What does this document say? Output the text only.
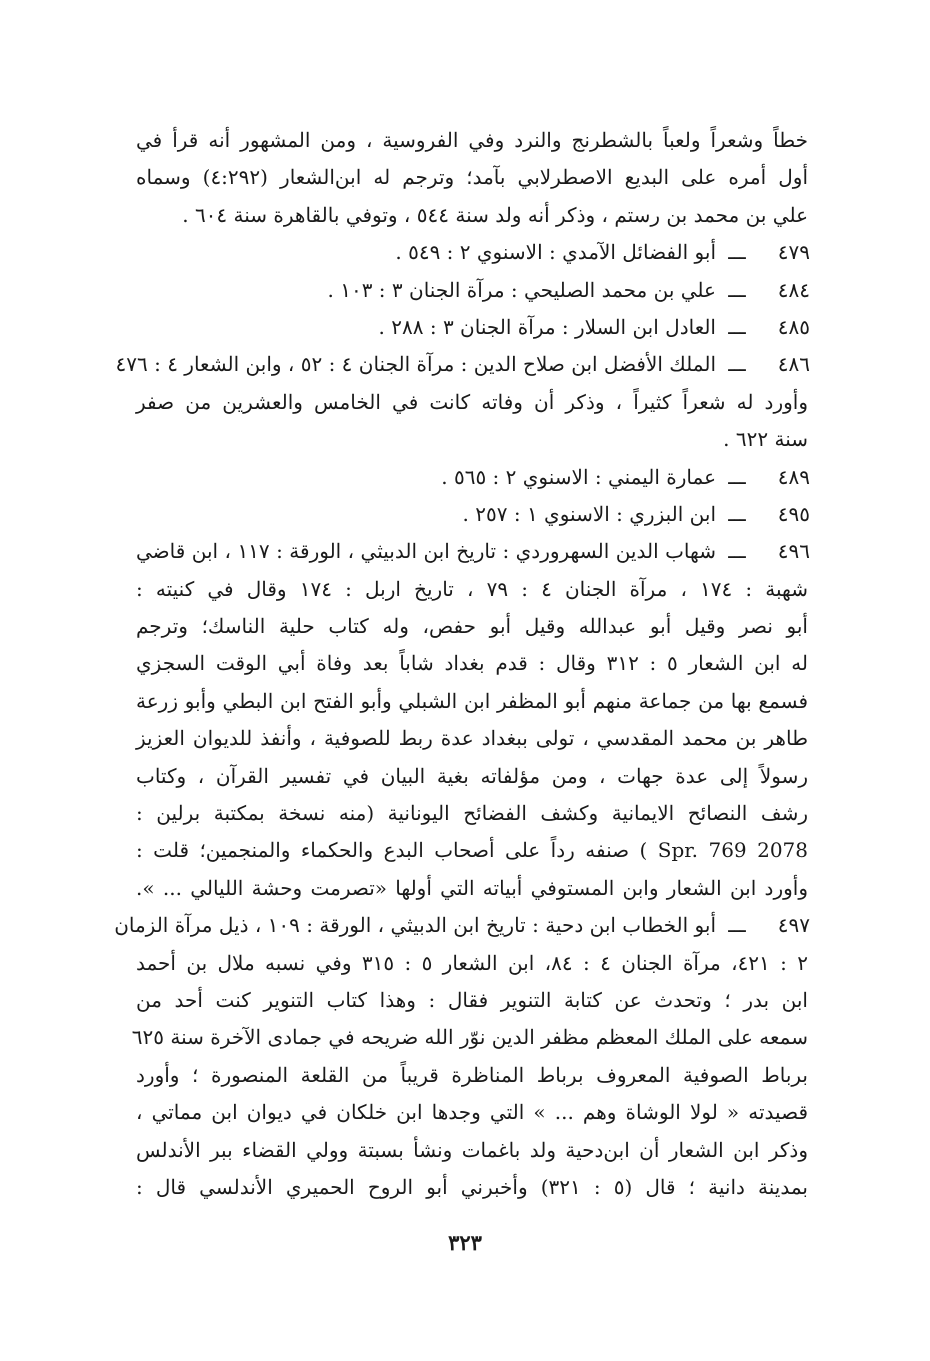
خطاً وشعراً ولعباً بالشطرنج والنرد وفي الفروسية ، ومن المشهور أنه قرأ في
أول أمره على البديع الاصطرلابي بآمد؛ وترجم له ابن‌الشعار (٤:٢٩٢) وسماه
علي بن محمد بن رستم ، وذكر أنه ولد سنة ٥٤٤ ، وتوفي بالقاهرة سنة ٦٠٤ .
٤٧٩
ـــ
أبو الفضائل الآمدي : الاسنوي ٢ : ٥٤٩ .
٤٨٤
ـــ
علي بن محمد الصليحي : مرآة الجنان ٣ : ١٠٣ .
٤٨٥
ـــ
العادل ابن السلار : مرآة الجنان ٣ : ٢٨٨ .
٤٨٦
ـــ
الملك الأفضل ابن صلاح الدين : مرآة الجنان ٤ : ٥٢ ، وابن الشعار ٤ : ٤٧٦
وأورد له شعراً كثيراً ، وذكر أن وفاته كانت في الخامس والعشرين من صفر
سنة ٦٢٢ .
٤٨٩
ـــ
عمارة اليمني : الاسنوي ٢ : ٥٦٥ .
٤٩٥
ـــ
ابن البزري : الاسنوي ١ : ٢٥٧ .
٤٩٦
ـــ
شهاب الدين السهروردي : تاريخ ابن الدبيثي ، الورقة : ١١٧ ، ابن قاضي
شهبة : ١٧٤ ، مرآة الجنان ٤ : ٧٩ ، تاريخ اربل : ١٧٤ وقال في كنيته :
أبو نصر وقيل أبو عبدالله وقيل أبو حفص، وله كتاب حلية الناسك؛ وترجم
له ابن الشعار ٥ : ٣١٢ وقال : قدم بغداد شاباً بعد وفاة أبي الوقت السجزي
فسمع بها من جماعة منهم أبو المظفر ابن الشبلي وأبو الفتح ابن البطي وأبو زرعة
طاهر بن محمد المقدسي ، تولى ببغداد عدة ربط للصوفية ، وأنفذ للديوان العزيز
رسولاً إلى عدة جهات ، ومن مؤلفاته بغية البيان في تفسير القرآن ، وكتاب
رشف النصائح الايمانية وكشف الفضائح اليونانية (منه نسخة بمكتبة برلين :
2078 Spr. 769 ) صنفه رداً على أصحاب البدع والحكماء والمنجمين؛ قلت :
وأورد ابن الشعار وابن المستوفي أبياته التي أولها «تصرمت وحشة الليالي ... ».
٤٩٧
ـــ
أبو الخطاب ابن دحية : تاريخ ابن الدبيثي ، الورقة : ١٠٩ ، ذيل مرآة الزمان
٢ : ٤٢١، مرآة الجنان ٤ : ٨٤، ابن الشعار ٥ : ٣١٥ وفي نسبه ملال بن أحمد
ابن بدر ؛ وتحدث عن كتابة التنوير فقال : وهذا كتاب التنوير كنت أحد من
سمعه على الملك المعظم مظفر الدين نوّر الله ضريحه في جمادى الآخرة سنة ٦٢٥
برباط الصوفية المعروف برباط المناظرة قريباً من القلعة المنصورة ؛ وأورد
قصيدته « لولا الوشاة وهم ... » التي وجدها ابن خلكان في ديوان ابن مماتي ،
وذكر ابن الشعار أن ابن‌دحية ولد باغمات ونشأ بسبتة وولي القضاء ببر الأندلس
بمدينة دانية ؛ قال (٥ : ٣٢١) وأخبرني أبو الروح الحميري الأندلسي قال :
٣٢٣
